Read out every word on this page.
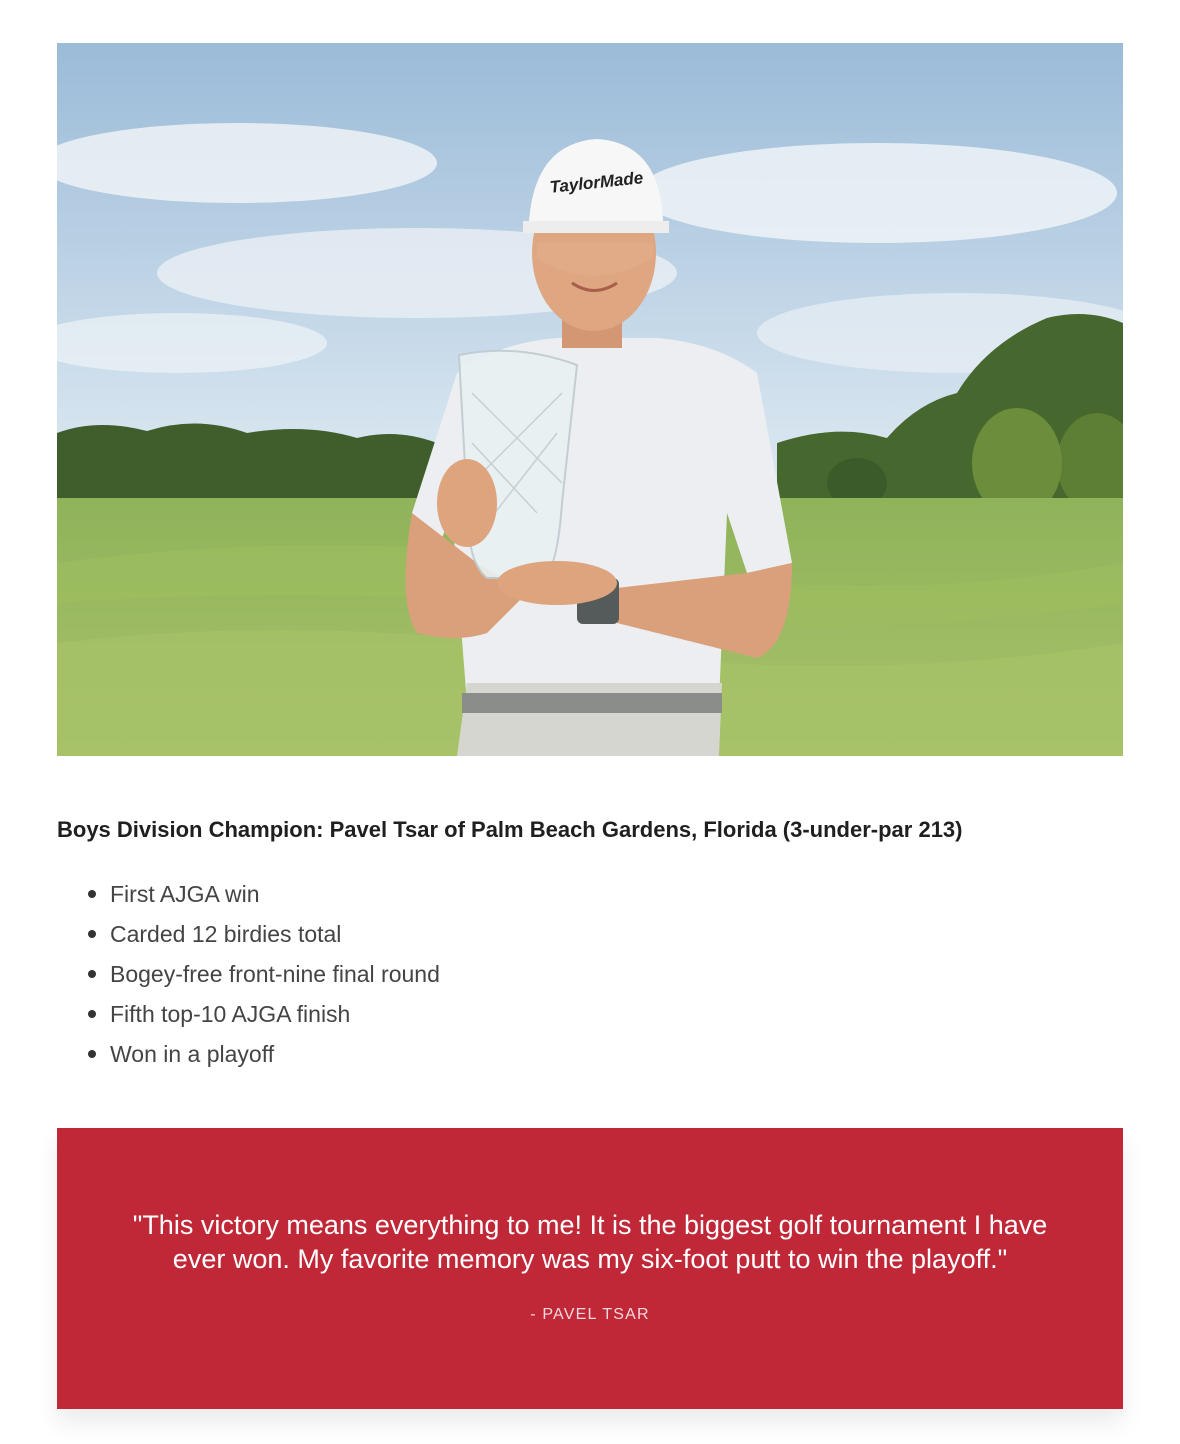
TaylorMade
Boys Division Champion: Pavel Tsar of Palm Beach Gardens, Florida (3-under-par 213)
First AJGA win
Carded 12 birdies total
Bogey-free front-nine final round
Fifth top-10 AJGA finish
Won in a playoff

"This victory means everything to me! It is the biggest golf tournament I have ever won. My favorite memory was my six-foot putt to win the playoff."

- PAVEL TSAR
